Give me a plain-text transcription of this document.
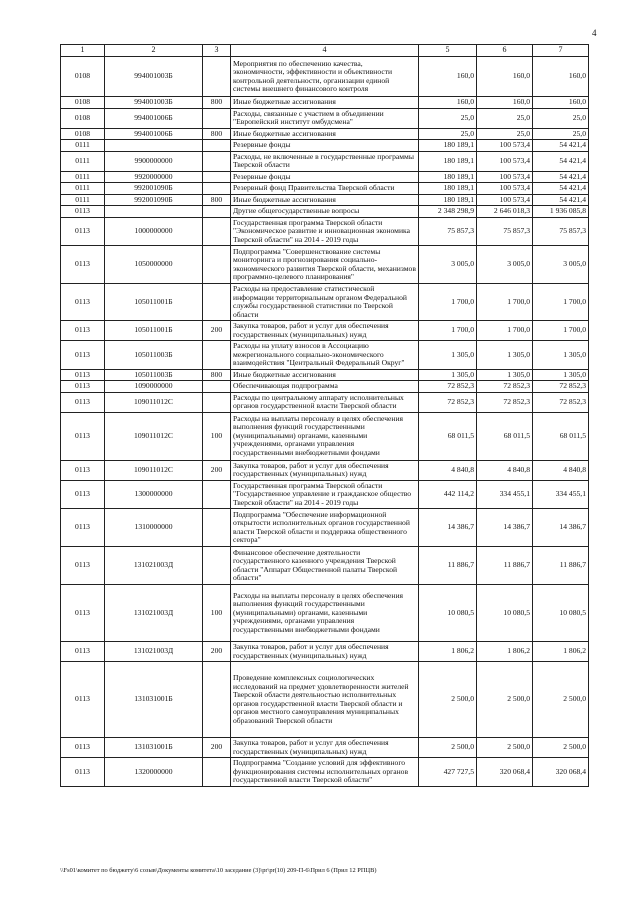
4
1	2	3	4	5	6	7
0108	994001003Б		Мероприятия по обеспечению качества, экономичности, эффективности и объективности контрольной деятельности, организации единой системы внешнего финансового контроля	160,0	160,0	160,0
0108	994001003Б	800	Иные бюджетные ассигнования	160,0	160,0	160,0
0108	994001006Б		Расходы, связанные с участием в объединении "Европейский институт омбудсмена"	25,0	25,0	25,0
0108	994001006Б	800	Иные бюджетные ассигнования	25,0	25,0	25,0
0111			Резервные фонды	180 189,1	100 573,4	54 421,4
0111	9900000000		Расходы, не включенные в государственные программы Тверской области	180 189,1	100 573,4	54 421,4
0111	9920000000		Резервные фонды	180 189,1	100 573,4	54 421,4
0111	992001090Б		Резервный фонд Правительства Тверской области	180 189,1	100 573,4	54 421,4
0111	992001090Б	800	Иные бюджетные ассигнования	180 189,1	100 573,4	54 421,4
0113			Другие общегосударственные вопросы	2 348 298,9	2 646 018,3	1 936 085,8
0113	1000000000		Государственная программа Тверской области "Экономическое развитие и инновационная экономика Тверской области" на 2014 - 2019 годы	75 857,3	75 857,3	75 857,3
0113	1050000000		Подпрограмма "Совершенствование системы мониторинга и прогнозирования социально-экономического развития Тверской области, механизмов программно-целевого планирования"	3 005,0	3 005,0	3 005,0
0113	105011001Б		Расходы на предоставление статистической информации территориальным органом Федеральной службы государственной статистики по Тверской области	1 700,0	1 700,0	1 700,0
0113	105011001Б	200	Закупка товаров, работ и услуг для обеспечения государственных (муниципальных) нужд	1 700,0	1 700,0	1 700,0
0113	105011003Б		Расходы на уплату взносов в Ассоциацию межрегионального социально-экономического взаимодействия "Центральный Федеральный Округ"	1 305,0	1 305,0	1 305,0
0113	105011003Б	800	Иные бюджетные ассигнования	1 305,0	1 305,0	1 305,0
0113	1090000000		Обеспечивающая подпрограмма	72 852,3	72 852,3	72 852,3
0113	109011012С		Расходы по центральному аппарату исполнительных органов государственной власти Тверской области	72 852,3	72 852,3	72 852,3
0113	109011012С	100	Расходы на выплаты персоналу в целях обеспечения выполнения функций государственными (муниципальными) органами, казенными учреждениями, органами управления государственными внебюджетными фондами	68 011,5	68 011,5	68 011,5
0113	109011012С	200	Закупка товаров, работ и услуг для обеспечения государственных (муниципальных) нужд	4 840,8	4 840,8	4 840,8
0113	1300000000		Государственная программа Тверской области "Государственное управление и гражданское общество Тверской области" на 2014 - 2019 годы	442 114,2	334 455,1	334 455,1
0113	1310000000		Подпрограмма "Обеспечение информационной открытости исполнительных органов государственной власти Тверской области и поддержка общественного сектора"	14 386,7	14 386,7	14 386,7
0113	131021003Д		Финансовое обеспечение деятельности государственного казенного учреждения Тверской области "Аппарат Общественной палаты Тверской области"	11 886,7	11 886,7	11 886,7
0113	131021003Д	100	Расходы на выплаты персоналу в целях обеспечения выполнения функций государственными (муниципальными) органами, казенными учреждениями, органами управления государственными внебюджетными фондами	10 080,5	10 080,5	10 080,5
0113	131021003Д	200	Закупка товаров, работ и услуг для обеспечения государственных (муниципальных) нужд	1 806,2	1 806,2	1 806,2
0113	131031001Б		Проведение комплексных социологических исследований на предмет удовлетворенности жителей Тверской области деятельностью исполнительных органов государственной власти Тверской области и органов местного самоуправления муниципальных образований Тверской области	2 500,0	2 500,0	2 500,0
0113	131031001Б	200	Закупка товаров, работ и услуг для обеспечения государственных (муниципальных) нужд	2 500,0	2 500,0	2 500,0
0113	1320000000		Подпрограмма "Создание условий для эффективного функционирования системы исполнительных органов государственной власти Тверской области"	427 727,5	320 068,4	320 068,4
\\Fs01\комитет по бюджету\6 созыв\Документы комитета\10 заседание (3)\pr\pr(10) 209-П-6\Прил 6 (Прил 12 РПЦВ)
